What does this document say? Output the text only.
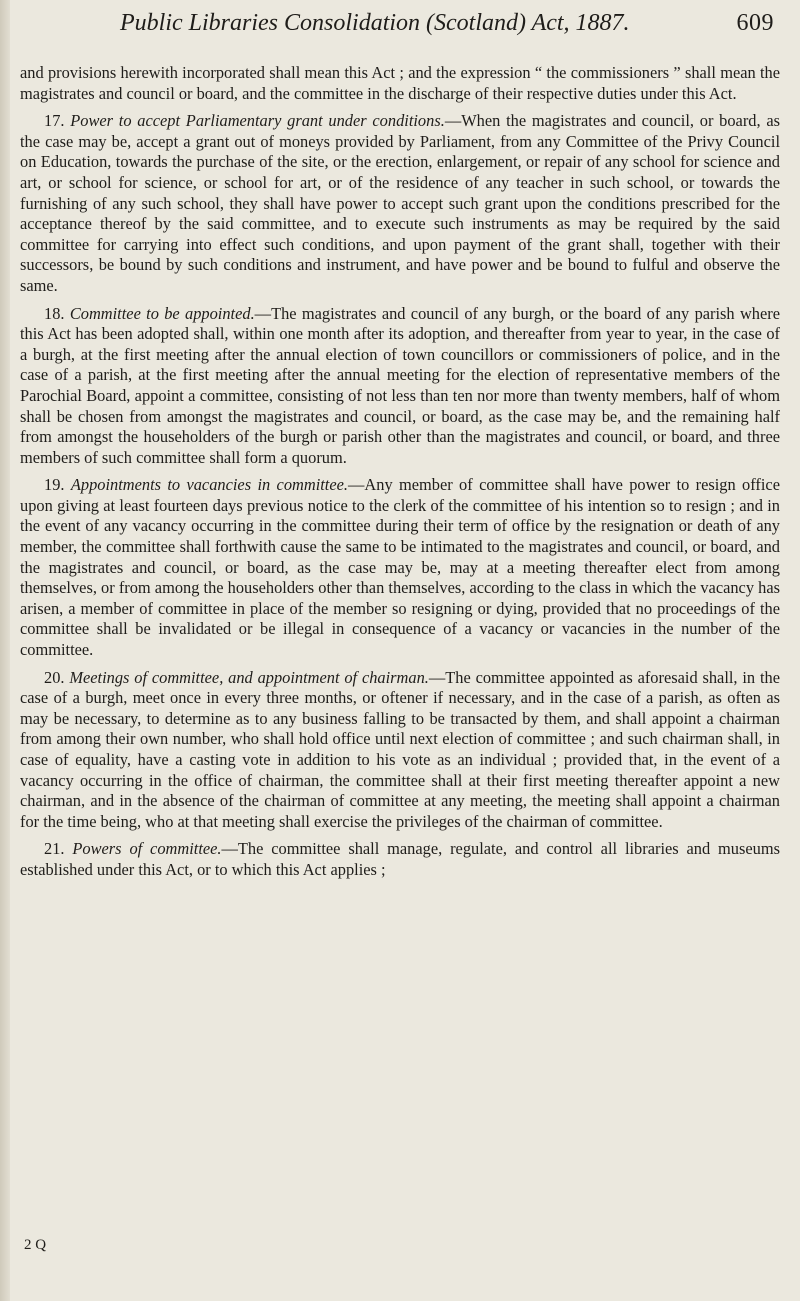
Public Libraries Consolidation (Scotland) Act, 1887.	609

and provisions herewith incorporated shall mean this Act ; and the expression “ the commissioners ” shall mean the magistrates and council or board, and the committee in the discharge of their respective duties under this Act.

17. Power to accept Parliamentary grant under conditions.—When the magistrates and council, or board, as the case may be, accept a grant out of moneys provided by Parliament, from any Committee of the Privy Council on Education, towards the purchase of the site, or the erection, enlargement, or repair of any school for science and art, or school for science, or school for art, or of the residence of any teacher in such school, or towards the furnishing of any such school, they shall have power to accept such grant upon the conditions prescribed for the acceptance thereof by the said committee, and to execute such instruments as may be required by the said committee for carrying into effect such conditions, and upon payment of the grant shall, together with their successors, be bound by such conditions and instrument, and have power and be bound to fulful and observe the same.

18. Committee to be appointed.—The magistrates and council of any burgh, or the board of any parish where this Act has been adopted shall, within one month after its adoption, and thereafter from year to year, in the case of a burgh, at the first meeting after the annual election of town councillors or commissioners of police, and in the case of a parish, at the first meeting after the annual meeting for the election of representative members of the Parochial Board, appoint a committee, consisting of not less than ten nor more than twenty members, half of whom shall be chosen from amongst the magistrates and council, or board, as the case may be, and the remaining half from amongst the householders of the burgh or parish other than the magistrates and council, or board, and three members of such committee shall form a quorum.

19. Appointments to vacancies in committee.—Any member of committee shall have power to resign office upon giving at least fourteen days previous notice to the clerk of the committee of his intention so to resign ; and in the event of any vacancy occurring in the committee during their term of office by the resignation or death of any member, the committee shall forthwith cause the same to be intimated to the magistrates and council, or board, and the magistrates and council, or board, as the case may be, may at a meeting thereafter elect from among themselves, or from among the householders other than themselves, according to the class in which the vacancy has arisen, a member of committee in place of the member so resigning or dying, provided that no proceedings of the committee shall be invalidated or be illegal in consequence of a vacancy or vacancies in the number of the committee.

20. Meetings of committee, and appointment of chairman.—The committee appointed as aforesaid shall, in the case of a burgh, meet once in every three months, or oftener if necessary, and in the case of a parish, as often as may be necessary, to determine as to any business falling to be transacted by them, and shall appoint a chairman from among their own number, who shall hold office until next election of committee ; and such chairman shall, in case of equality, have a casting vote in addition to his vote as an individual ; provided that, in the event of a vacancy occurring in the office of chairman, the committee shall at their first meeting thereafter appoint a new chairman, and in the absence of the chairman of committee at any meeting, the meeting shall appoint a chairman for the time being, who at that meeting shall exercise the privileges of the chairman of committee.

21. Powers of committee.—The committee shall manage, regulate, and control all libraries and museums established under this Act, or to which this Act applies ;

2 Q
